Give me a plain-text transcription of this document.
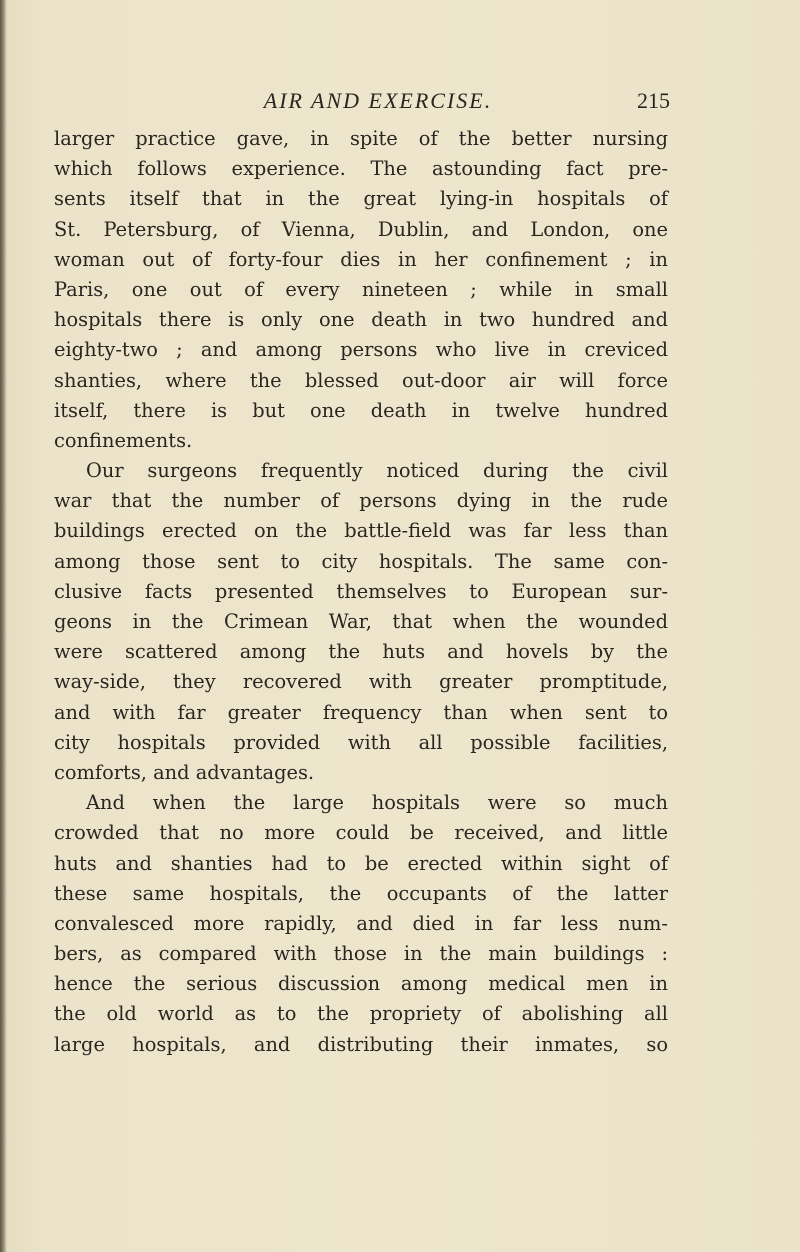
AIR AND EXERCISE.	215
larger practice gave, in spite of the better nursing
which follows experience. The astounding fact pre-
sents itself that in the great lying-in hospitals of
St. Petersburg, of Vienna, Dublin, and London, one
woman out of forty-four dies in her confinement ; in
Paris, one out of every nineteen ; while in small
hospitals there is only one death in two hundred and
eighty-two ; and among persons who live in creviced
shanties, where the blessed out-door air will force
itself, there is but one death in twelve hundred
confinements.
Our surgeons frequently noticed during the civil
war that the number of persons dying in the rude
buildings erected on the battle-field was far less than
among those sent to city hospitals. The same con-
clusive facts presented themselves to European sur-
geons in the Crimean War, that when the wounded
were scattered among the huts and hovels by the
way-side, they recovered with greater promptitude,
and with far greater frequency than when sent to
city hospitals provided with all possible facilities,
comforts, and advantages.
And when the large hospitals were so much
crowded that no more could be received, and little
huts and shanties had to be erected within sight of
these same hospitals, the occupants of the latter
convalesced more rapidly, and died in far less num-
bers, as compared with those in the main buildings :
hence the serious discussion among medical men in
the old world as to the propriety of abolishing all
large hospitals, and distributing their inmates, so
